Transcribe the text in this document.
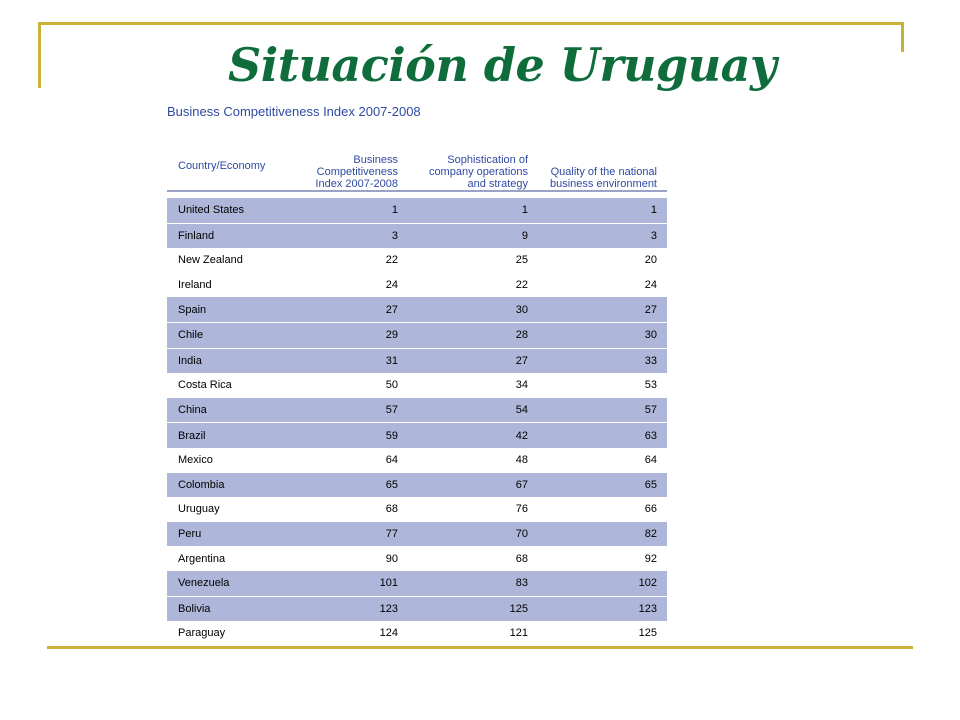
Situación de Uruguay
Business Competitiveness Index 2007-2008
Country/Economy	Business Competitiveness Index 2007-2008	Sophistication of company operations and strategy	Quality of the national business environment

United States	1	1	1
Finland	3	9	3
New Zealand	22	25	20
Ireland	24	22	24
Spain	27	30	27
Chile	29	28	30
India	31	27	33
Costa Rica	50	34	53
China	57	54	57
Brazil	59	42	63
Mexico	64	48	64
Colombia	65	67	65
Uruguay	68	76	66
Peru	77	70	82
Argentina	90	68	92
Venezuela	101	83	102
Bolivia	123	125	123
Paraguay	124	121	125
